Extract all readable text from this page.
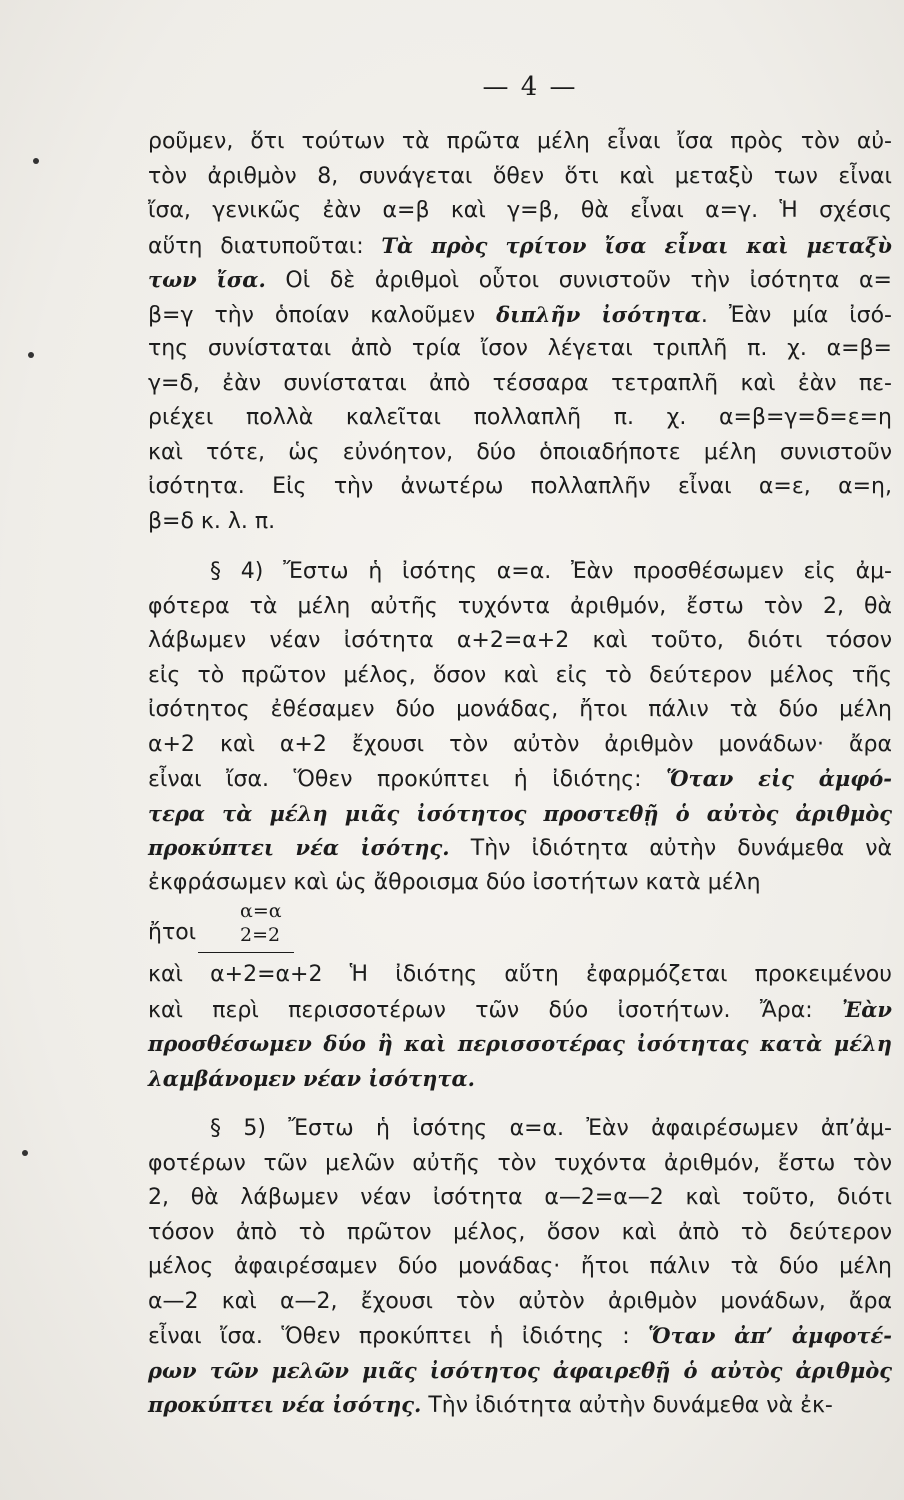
— 4 —
ροῦμεν, ὅτι τούτων τὰ πρῶτα μέλη εἶναι ἴσα πρὸς τὸν αὐ-
τὸν ἀριθμὸν 8, συνάγεται ὅθεν ὅτι καὶ μεταξὺ των εἶναι
ἴσα, γενικῶς ἐὰν α=β καὶ γ=β, θὰ εἶναι α=γ. Ἡ σχέσις
αὕτη διατυποῦται: Τὰ πρὸς τρίτον ἴσα εἶναι καὶ μεταξὺ
των ἴσα. Οἱ δὲ ἀριθμοὶ οὗτοι συνιστοῦν τὴν ἰσότητα α=
β=γ τὴν ὁποίαν καλοῦμεν διπλῆν ἰσότητα. Ἐὰν μία ἰσό-
της συνίσταται ἀπὸ τρία ἴσον λέγεται τριπλῆ π. χ. α=β=
γ=δ, ἐὰν συνίσταται ἀπὸ τέσσαρα τετραπλῆ καὶ ἐὰν πε-
ριέχει πολλὰ καλεῖται πολλαπλῆ π. χ. α=β=γ=δ=ε=η
καὶ τότε, ὡς εὐνόητον, δύο ὁποιαδήποτε μέλη συνιστοῦν
ἰσότητα. Εἰς τὴν ἀνωτέρω πολλαπλῆν εἶναι α=ε, α=η,
β=δ κ. λ. π.
§ 4) Ἔστω ἡ ἰσότης α=α. Ἐὰν προσθέσωμεν εἰς ἀμ-
φότερα τὰ μέλη αὐτῆς τυχόντα ἀριθμόν, ἔστω τὸν 2, θὰ
λάβωμεν νέαν ἰσότητα α+2=α+2 καὶ τοῦτο, διότι τόσον
εἰς τὸ πρῶτον μέλος, ὅσον καὶ εἰς τὸ δεύτερον μέλος τῆς
ἰσότητος ἐθέσαμεν δύο μονάδας, ἤτοι πάλιν τὰ δύο μέλη
α+2 καὶ α+2 ἔχουσι τὸν αὐτὸν ἀριθμὸν μονάδων· ἄρα
εἶναι ἴσα. Ὅθεν προκύπτει ἡ ἰδιότης: Ὅταν εἰς ἀμφό-
τερα τὰ μέλη μιᾶς ἰσότητος προστεθῇ ὁ αὐτὸς ἀριθμὸς
προκύπτει νέα ἰσότης. Τὴν ἰδιότητα αὐτὴν δυνάμεθα νὰ
ἐκφράσωμεν καὶ ὡς ἄθροισμα δύο ἰσοτήτων κατὰ μέλη
ἤτοι
α=α
2=2
καὶ α+2=α+2 Ἡ ἰδιότης αὕτη ἐφαρμόζεται προκειμένου
καὶ περὶ περισσοτέρων τῶν δύο ἰσοτήτων. Ἄρα: Ἐὰν
προσθέσωμεν δύο ἢ καὶ περισσοτέρας ἰσότητας κατὰ μέλη
λαμβάνομεν νέαν ἰσότητα.
§ 5) Ἔστω ἡ ἰσότης α=α. Ἐὰν ἀφαιρέσωμεν ἀπ’ἀμ-
φοτέρων τῶν μελῶν αὐτῆς τὸν τυχόντα ἀριθμόν, ἔστω τὸν
2, θὰ λάβωμεν νέαν ἰσότητα α—2=α—2 καὶ τοῦτο, διότι
τόσον ἀπὸ τὸ πρῶτον μέλος, ὅσον καὶ ἀπὸ τὸ δεύτερον
μέλος ἀφαιρέσαμεν δύο μονάδας· ἤτοι πάλιν τὰ δύο μέλη
α—2 καὶ α—2, ἔχουσι τὸν αὐτὸν ἀριθμὸν μονάδων, ἄρα
εἶναι ἴσα. Ὅθεν προκύπτει ἡ ἰδιότης : Ὅταν ἀπ’ ἀμφοτέ-
ρων τῶν μελῶν μιᾶς ἰσότητος ἀφαιρεθῇ ὁ αὐτὸς ἀριθμὸς
προκύπτει νέα ἰσότης. Τὴν ἰδιότητα αὐτὴν δυνάμεθα νὰ ἐκ-
